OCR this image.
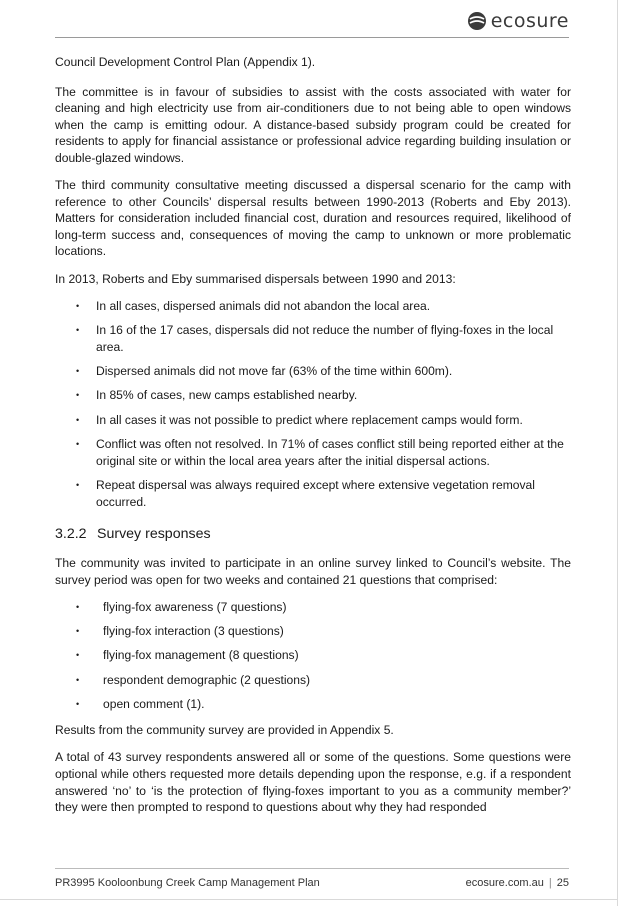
ecosure

Council Development Control Plan (Appendix 1).

The committee is in favour of subsidies to assist with the costs associated with water for cleaning and high electricity use from air-conditioners due to not being able to open windows when the camp is emitting odour. A distance-based subsidy program could be created for residents to apply for financial assistance or professional advice regarding building insulation or double-glazed windows.

The third community consultative meeting discussed a dispersal scenario for the camp with reference to other Councils’ dispersal results between 1990-2013 (Roberts and Eby 2013). Matters for consideration included financial cost, duration and resources required, likelihood of long-term success and, consequences of moving the camp to unknown or more problematic locations.

In 2013, Roberts and Eby summarised dispersals between 1990 and 2013:

• In all cases, dispersed animals did not abandon the local area.
• In 16 of the 17 cases, dispersals did not reduce the number of flying-foxes in the local area.
• Dispersed animals did not move far (63% of the time within 600m).
• In 85% of cases, new camps established nearby.
• In all cases it was not possible to predict where replacement camps would form.
• Conflict was often not resolved. In 71% of cases conflict still being reported either at the original site or within the local area years after the initial dispersal actions.
• Repeat dispersal was always required except where extensive vegetation removal occurred.
3.2.2 Survey responses

The community was invited to participate in an online survey linked to Council’s website. The survey period was open for two weeks and contained 21 questions that comprised:

• flying-fox awareness (7 questions)
• flying-fox interaction (3 questions)
• flying-fox management (8 questions)
• respondent demographic (2 questions)
• open comment (1).

Results from the community survey are provided in Appendix 5.

A total of 43 survey respondents answered all or some of the questions. Some questions were optional while others requested more details depending upon the response, e.g. if a respondent answered ‘no’ to ‘is the protection of flying-foxes important to you as a community member?’ they were then prompted to respond to questions about why they had responded

PR3995 Kooloonbung Creek Camp Management Plan	ecosure.com.au | 25
